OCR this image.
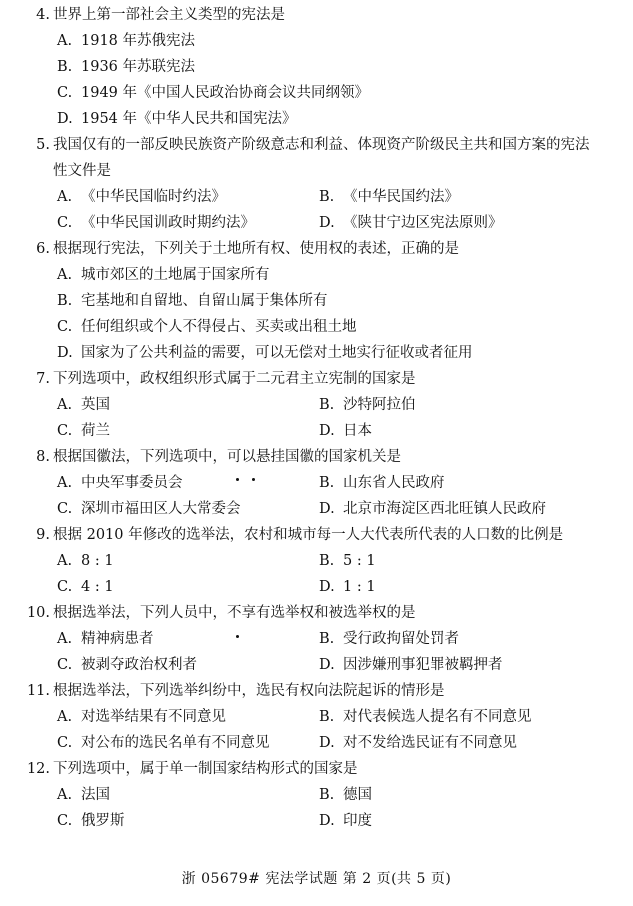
4. 世界上第一部社会主义类型的宪法是
A. 1918 年苏俄宪法
B. 1936 年苏联宪法
C. 1949 年《中国人民政治协商会议共同纲领》
D. 1954 年《中华人民共和国宪法》
5. 我国仅有的一部反映民族资产阶级意志和利益、体现资产阶级民主共和国方案的宪法性文件是
A. 《中华民国临时约法》	B. 《中华民国约法》
C. 《中华民国训政时期约法》	D. 《陕甘宁边区宪法原则》
6. 根据现行宪法，下列关于土地所有权、使用权的表述，正确的是
A. 城市郊区的土地属于国家所有
B. 宅基地和自留地、自留山属于集体所有
C. 任何组织或个人不得侵占、买卖或出租土地
D. 国家为了公共利益的需要，可以无偿对土地实行征收或者征用
7. 下列选项中，政权组织形式属于二元君主立宪制的国家是
A. 英国	B. 沙特阿拉伯
C. 荷兰	D. 日本
8. 根据国徽法，下列选项中，可以悬挂国徽的国家机关是
A. 中央军事委员会	B. 山东省人民政府
C. 深圳市福田区人大常委会	D. 北京市海淀区西北旺镇人民政府
9. 根据 2010 年修改的选举法，农村和城市每一人大代表所代表的人口数的比例是
A. 8 : 1	B. 5 : 1
C. 4 : 1	D. 1 : 1
10. 根据选举法，下列人员中，不享有选举权和被选举权的是
A. 精神病患者	B. 受行政拘留处罚者
C. 被剥夺政治权利者	D. 因涉嫌刑事犯罪被羁押者
11. 根据选举法，下列选举纠纷中，选民有权向法院起诉的情形是
A. 对选举结果有不同意见	B. 对代表候选人提名有不同意见
C. 对公布的选民名单有不同意见	D. 对不发给选民证有不同意见
12. 下列选项中，属于单一制国家结构形式的国家是
A. 法国	B. 德国
C. 俄罗斯	D. 印度
浙 05679# 宪法学试题 第 2 页(共 5 页)
